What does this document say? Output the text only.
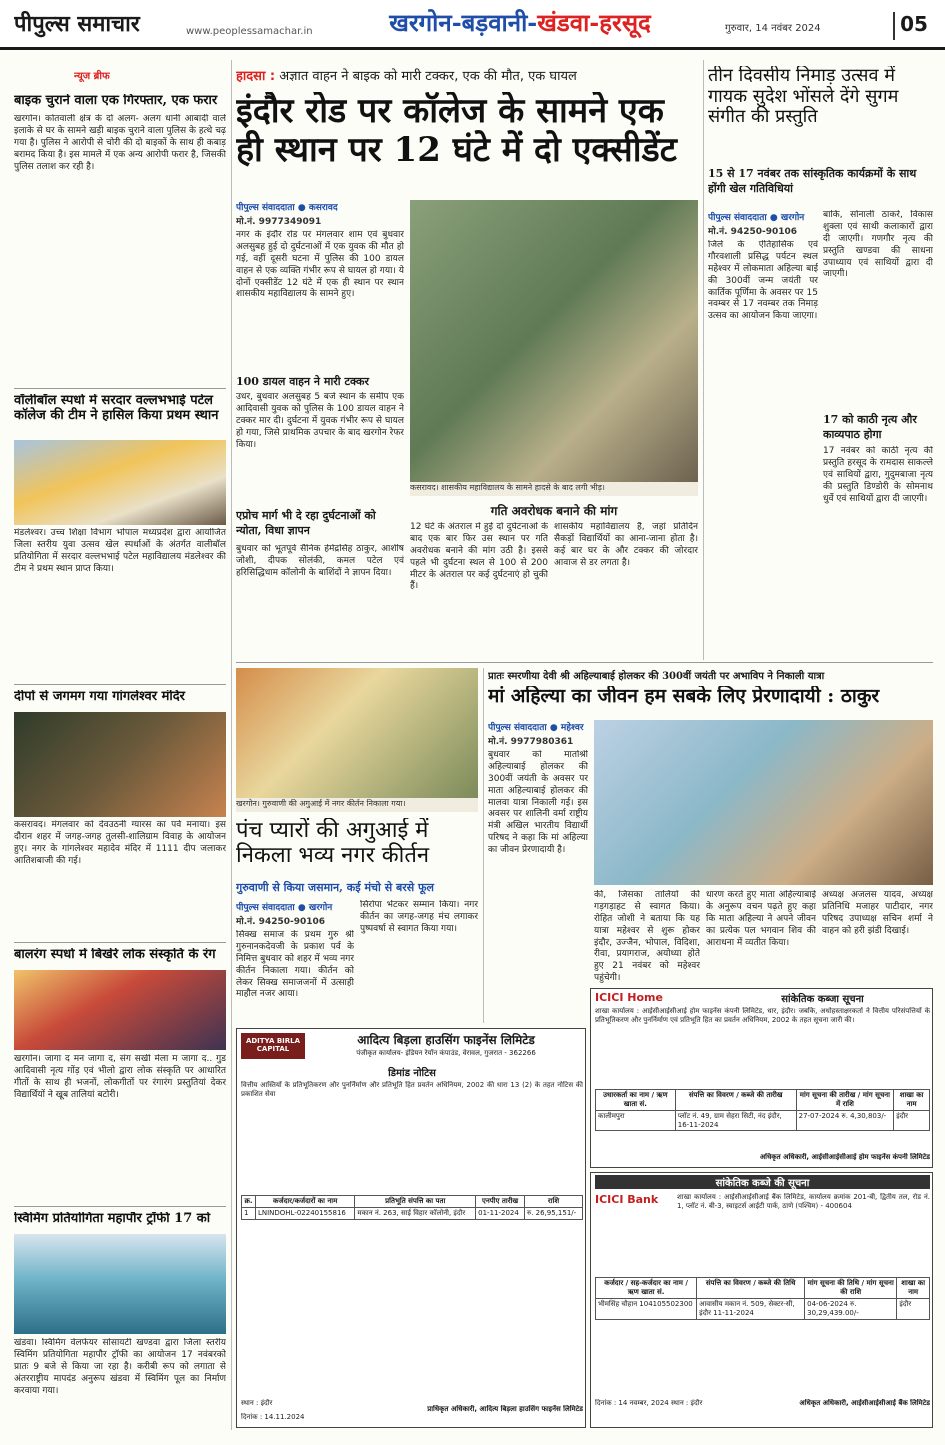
पीपुल्स समाचार	www.peoplessamachar.in	खरगोन-बड़वानी-खंडवा-हरसूद	गुरुवार, 14 नवंबर 2024	05
न्यूज ब्रीफ
बाइक चुराने वाला एक गिरफ्तार, एक फरार
खरगोन। कोतवाली क्षेत्र के दो अलग- अलग धानी आबादी वाले इलाके से घर के सामने खड़ी बाइक चुराने वाला पुलिस के हत्थे चढ़ गया है। पुलिस ने आरोपी से चोरी की दो बाइकों के साथ ही कबाड़ बरामद किया है। इस मामले में एक अन्य आरोपी फरार है, जिसकी पुलिस तलाश कर रही है।
वॉलीबॉल स्पर्धा में सरदार वल्लभभाई पटेल कॉलेज की टीम ने हासिल किया प्रथम स्थान
मंडलेश्वर। उच्च शिक्षा विभाग भोपाल मध्यप्रदेश द्वारा आयोजित जिला स्तरीय युवा उत्सव खेल स्पर्धाओं के अंतर्गत वालीबॉल प्रतियोगिता में सरदार वल्लभभाई पटेल महाविद्यालय मंडलेश्वर की टीम ने प्रथम स्थान प्राप्त किया।
दीपों से जगमग गया गांगलेश्वर मंदिर
कसरावद। मंगलवार को देवउठनी ग्यारस का पर्व मनाया। इस दौरान शहर में जगह-जगह तुलसी-शालिग्राम विवाह के आयोजन हुए। नगर के गांगलेश्वर महादेव मंदिर में 1111 दीप जलाकर आतिशबाजी की गई।
बालरंग स्पर्धा में बिखेरे लोक संस्कृति के रंग
खरगोन। जागा द मन जागा द, संग सखी मेला म जागा द.. गुड आदिवासी नृत्य गोंड़ एवं भीलो द्वारा लोक संस्कृति पर आधारित गीतों के साथ ही भजनों, लोकगीतों पर रंगारंग प्रस्तुतियां देकर विद्यार्थियों ने खूब तालियां बटोरी।
स्विमिंग प्रतियोगिता महापौर ट्रॉफी 17 को
खंडवा। स्विमिंग वेलफेयर सोसायटी खण्डवा द्वारा जिला स्तरीय स्विमिंग प्रतियोगिता महापौर ट्रॉफी का आयोजन 17 नवंबरको प्रातः 9 बजे से किया जा रहा है। करीबी रूप को लगाता से अंतरराष्ट्रीय मापदंड अनुरूप खंडवा में स्विमिंग पूल का निर्माण करवाया गया।
हादसा : अज्ञात वाहन ने बाइक को मारी टक्कर, एक की मौत, एक घायल
इंदौर रोड पर कॉलेज के सामने एक ही स्थान पर 12 घंटे में दो एक्सीडेंट
पीपुल्स संवाददाता ● कसरावद
मो.नं. 9977349091
नगर के इंदौर रोड पर मंगलवार शाम एवं बुधवार अलसुबह हुई दो दुर्घटनाओं में एक युवक की मौत हो गई, वहीं दूसरी घटना में पुलिस की 100 डायल वाहन से एक व्यक्ति गंभीर रूप से घायल हो गया। ये दोनों एक्सीडेंट 12 घंटे में एक ही स्थान पर स्थान शासकीय महाविद्यालय के सामने हुए।
100 डायल वाहन ने मारी टक्कर
उधर, बुधवार अलसुबह 5 बजे स्थान के समीप एक आदिवासी युवक को पुलिस के 100 डायल वाहन ने टक्कर मार दी। दुर्घटना में युवक गंभीर रूप से घायल हो गया, जिसे प्राथमिक उपचार के बाद खरगोन रेफर किया।
कसरावद। शासकीय महाविद्यालय के सामने हादसे के बाद लगी भीड़।
गति अवरोधक बनाने की मांग
एप्रोच मार्ग भी दे रहा दुर्घटनाओं को न्योता, विधा ज्ञापन
बुधवार को भूतपूर्व सैनिक हेमेंद्रसिंह ठाकुर, आशीष जोशी, दीपक सोलंकी, कमल पटेल एवं हरिसिद्धिधाम कॉलोनी के बाशिंदों ने ज्ञापन दिया।
12 घंटे के अंतराल में हुई दो दुर्घटनाओं के बाद एक बार फिर उस स्थान पर गति अवरोधक बनाने की मांग उठी है। इससे पहले भी दुर्घटना स्थल से 100 से 200 मीटर के अंतराल पर कई दुर्घटनाएं हो चुकी हैं।
शासकीय महाविद्यालय है, जहां प्रतिदिन सैकड़ों विद्यार्थियों का आना-जाना होता है। कई बार घर के और टक्कर की जोरदार आवाज से डर लगता है।
तीन दिवसीय निमाड़ उत्सव में गायक सुदेश भोंसले देंगे सुगम संगीत की प्रस्तुति
15 से 17 नवंबर तक सांस्कृतिक कार्यक्रमों के साथ होंगी खेल गतिविधियां
पीपुल्स संवाददाता ● खरगोन
मो.नं. 94250-90106
जिले के ऐतिहासिक एवं गौरवशाली प्रसिद्ध पर्यटन स्थल महेश्वर में लोकमाता अहिल्या बाई की 300वीं जन्म जयंती पर कार्तिक पूर्णिमा के अवसर पर 15 नवम्बर से 17 नवम्बर तक निमाड़ उत्सव का आयोजन किया जाएगा।
बाकि, सोनाली ठाकरे, विकास शुक्ला एवं साथी कलाकारों द्वारा दी जाएगी। गणगौर नृत्य की प्रस्तुति खण्डवा की साधना उपाध्याय एवं साथियों द्वारा दी जाएगी।
17 को काठी नृत्य और काव्यपाठ होगा
17 नवंबर को काठी नृत्य की प्रस्तुति हरसूद के रामदास साकल्ले एवं साथियों द्वारा, गुदुमबाजा नृत्य की प्रस्तुति डिण्डोरी के सोमनाथ धुर्वे एवं साथियों द्वारा दी जाएगी।
खरगोन। गुरुवाणी की अगुआई में नगर कीर्तन निकाला गया।
पंच प्यारों की अगुआई में निकला भव्य नगर कीर्तन
गुरुवाणी से किया जसमान, कई मंचो से बरसे फूल
पीपुल्स संवाददाता ● खरगोन
मो.नं. 94250-90106
सिक्ख समाज के प्रथम गुरु श्री गुरुनानकदेवजी के प्रकाश पर्व के निमित्त बुधवार को शहर में भव्य नगर कीर्तन निकाला गया। कीर्तन को लेकर सिक्ख समाजजनों में उत्साही माहौल नजर आया।
सिरोपा भेंटकर सम्मान किया। नगर कीर्तन का जगह-जगह मंच लगाकर पुष्पवर्षा से स्वागत किया गया।
प्रातः स्मरणीया देवी श्री अहिल्याबाई होलकर की 300वीं जयंती पर अभाविप ने निकाली यात्रा
मां अहिल्या का जीवन हम सबके लिए प्रेरणादायी : ठाकुर
पीपुल्स संवाददाता ● महेश्वर
मो.नं. 9977980361
बुधवार को मातोश्री अहिल्याबाई होलकर की 300वीं जयंती के अवसर पर माता अहिल्याबाई होलकर की मालवा यात्रा निकाली गई। इस अवसर पर शालिनी वर्मा राष्ट्रीय मंत्री अखिल भारतीय विद्यार्थी परिषद ने कहा कि मां अहिल्या का जीवन प्रेरणादायी है।
की, जिसका तालियों की गड़गड़ाहट से स्वागत किया। रोहित जोशी ने बताया कि यह यात्रा महेश्वर से शुरू होकर इंदौर, उज्जैन, भोपाल, विदिशा, रीवा, प्रयागराज, अयोध्या होते हुए 21 नवंबर को महेश्वर पहुंचेगी।
धारण करते हुए माता अहिल्याबाई के अनुरूप वचन पढ़ते हुए कहा कि माता अहिल्या ने अपने जीवन का प्रत्येक पल भगवान शिव की आराधना में व्यतीत किया।
अध्यक्ष अजलस यादव, अध्यक्ष प्रतिनिधि मजाहर पाटीदार, नगर परिषद उपाध्यक्ष सचिन शर्मा ने वाहन को हरी झंडी दिखाई।
ICICI Home	सांकेतिक कब्जा सूचना
शाखा कार्यालय : आईसीआईसीआई होम फाइनेंस कंपनी लिमिटेड, धार, इंदौर। जबकि, अधोहस्ताक्षरकर्ता ने वित्तीय परिसंपत्तियों के प्रतिभूतिकरण और पुनर्निर्माण एवं प्रतिभूति हित का प्रवर्तन अधिनियम, 2002 के तहत सूचना जारी की।
उधारकर्ता का नाम / ऋण खाता सं.	संपत्ति का विवरण / कब्जे की तारीख	मांग सूचना की तारीख / मांग सूचना में राशि	शाखा का नाम
कालीमपुरा	प्लॉट नं. 49, ग्राम सेहरा सिटी, नंद इंदौर, 16-11-2024	27-07-2024 रु. 4,30,803/-	इंदौर
अधिकृत अधिकारी, आईसीआईसीआई होम फाइनेंस कंपनी लिमिटेड
ADITYA BIRLA CAPITAL
आदित्य बिड़ला हाउसिंग फाइनेंस लिमिटेड
पंजीकृत कार्यालय- इंडियन रेयॉन कंपाउंड, वेरावल, गुजरात - 362266
डिमांड नोटिस
वित्तीय आस्तियों के प्रतिभूतिकरण और पुनर्निर्माण और प्रतिभूति हित प्रवर्तन अधिनियम, 2002 की धारा 13 (2) के तहत नोटिस की प्रकाशित सेवा
क्र.	कर्जदार/कर्जदारों का नाम	प्रतिभूति संपत्ति का पता	एनपीए तारीख	राशि
1	LNINDOHL-02240155816	मकान नं. 263, साई विहार कॉलोनी, इंदौर	01-11-2024	रु. 26,95,151/-
स्थान : इंदौर
दिनांक : 14.11.2024
प्राधिकृत अधिकारी, आदित्य बिड़ला हाउसिंग फाइनेंस लिमिटेड
सांकेतिक कब्जे की सूचना
ICICI Bank	शाखा कार्यालय : आईसीआईसीआई बैंक लिमिटेड, कार्यालय क्रमांक 201-बी, द्वितीय तल, रोड नं. 1, प्लॉट नं. बी-3, स्वाइटर्स आईटी पार्क, ठाणे (पश्चिम) - 400604
कर्जदार / सह-कर्जदार का नाम / ऋण खाता सं.	संपत्ति का विवरण / कब्जे की तिथि	मांग सूचना की तिथि / मांग सूचना की राशि	शाखा का नाम
भीमसिंह चौहान 104105502300	आवासीय मकान नं. 509, सेक्टर-सी, इंदौर 11-11-2024	04-06-2024 रु. 30,29,439.00/-	इंदौर
दिनांक : 14 नवम्बर, 2024 स्थान : इंदौर	अधिकृत अधिकारी, आईसीआईसीआई बैंक लिमिटेड
